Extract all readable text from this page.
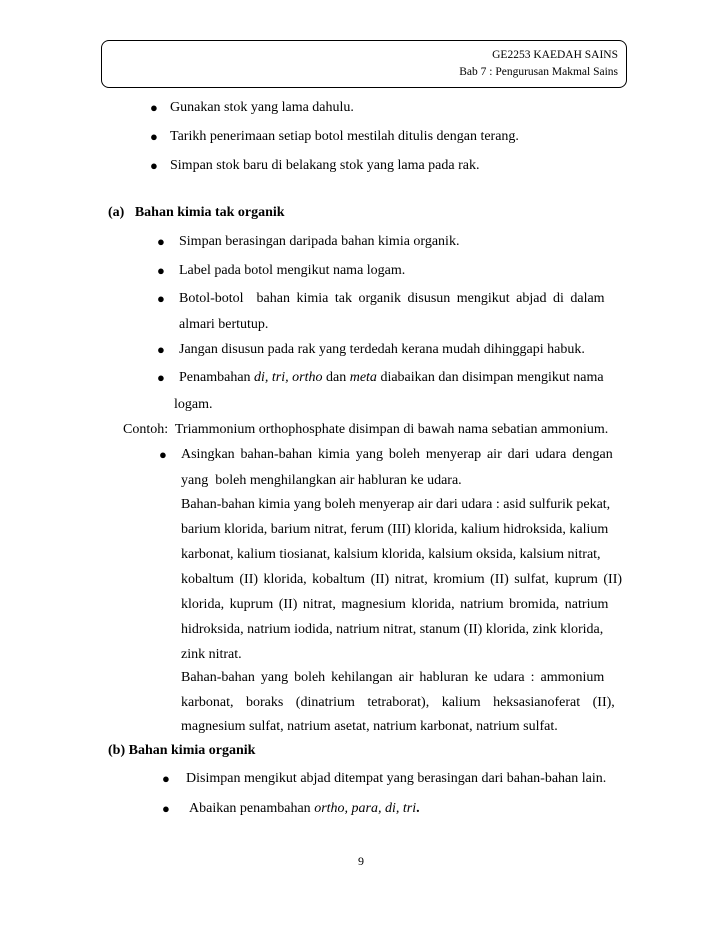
GE2253 KAEDAH SAINS
Bab 7 : Pengurusan Makmal Sains
● Gunakan stok yang lama dahulu.
● Tarikh penerimaan setiap botol mestilah ditulis dengan terang.
● Simpan stok baru di belakang stok yang lama pada rak.
(a)   Bahan kimia tak organik
● Simpan berasingan daripada bahan kimia organik.
● Label pada botol mengikut nama logam.
● Botol-botol  bahan kimia tak organik disusun mengikut abjad di dalam
almari bertutup.
● Jangan disusun pada rak yang terdedah kerana mudah dihinggapi habuk.
● Penambahan di, tri, ortho dan meta diabaikan dan disimpan mengikut nama
logam.
Contoh:  Triammonium orthophosphate disimpan di bawah nama sebatian ammonium.
● Asingkan bahan-bahan kimia yang boleh menyerap air dari udara dengan
yang  boleh menghilangkan air habluran ke udara.
Bahan-bahan kimia yang boleh menyerap air dari udara : asid sulfurik pekat,
barium klorida, barium nitrat, ferum (III) klorida, kalium hidroksida, kalium
karbonat, kalium tiosianat, kalsium klorida, kalsium oksida, kalsium nitrat,
kobaltum (II) klorida, kobaltum (II) nitrat, kromium (II) sulfat, kuprum (II)
klorida, kuprum (II) nitrat, magnesium klorida, natrium bromida, natrium
hidroksida, natrium iodida, natrium nitrat, stanum (II) klorida, zink klorida,
zink nitrat.
Bahan-bahan yang boleh kehilangan air habluran ke udara : ammonium
karbonat, boraks (dinatrium tetraborat), kalium heksasianoferat (II),
magnesium sulfat, natrium asetat, natrium karbonat, natrium sulfat.
(b) Bahan kimia organik
● Disimpan mengikut abjad ditempat yang berasingan dari bahan-bahan lain.
● Abaikan penambahan ortho, para, di, tri.
9
